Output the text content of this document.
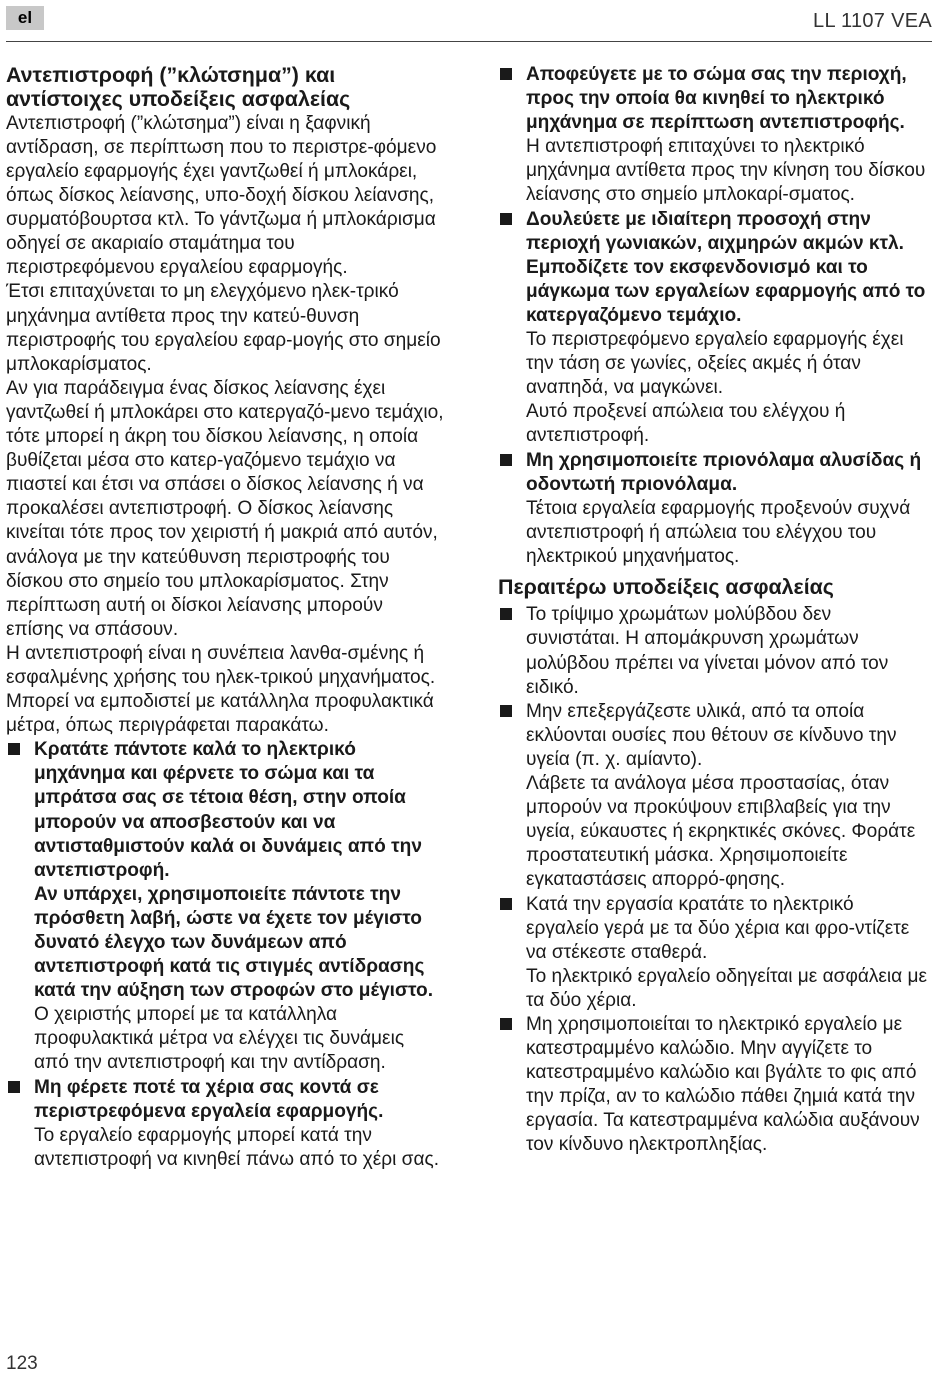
el	LL 1107 VEA
Αντεπιστροφή (”κλώτσημα”) και αντίστοιχες υποδείξεις ασφαλείας

Αντεπιστροφή (”κλώτσημα”) είναι η ξαφνική αντίδραση, σε περίπτωση που το περιστρε-φόμενο εργαλείο εφαρμογής έχει γαντζωθεί ή μπλοκάρει, όπως δίσκος λείανσης, υπο-δοχή δίσκου λείανσης, συρματόβουρτσα κτλ. Το γάντζωμα ή μπλοκάρισμα οδηγεί σε ακαριαίο σταμάτημα του περιστρεφόμενου εργαλείου εφαρμογής.

Έτσι επιταχύνεται το μη ελεγχόμενο ηλεκ-τρικό μηχάνημα αντίθετα προς την κατεύ-θυνση περιστροφής του εργαλείου εφαρ-μογής στο σημείο μπλοκαρίσματος.

Αν για παράδειγμα ένας δίσκος λείανσης έχει γαντζωθεί ή μπλοκάρει στο κατεργαζό-μενο τεμάχιο, τότε μπορεί η άκρη του δίσκου λείανσης, η οποία βυθίζεται μέσα στο κατερ-γαζόμενο τεμάχιο να πιαστεί και έτσι να σπάσει ο δίσκος λείανσης ή να προκαλέσει αντεπιστροφή. Ο δίσκος λείανσης κινείται τότε προς τον χειριστή ή μακριά από αυτόν, ανάλογα με την κατεύθυνση περιστροφής του δίσκου στο σημείο του μπλοκαρίσματος. Στην περίπτωση αυτή οι δίσκοι λείανσης μπορούν επίσης να σπάσουν.

Η αντεπιστροφή είναι η συνέπεια λανθα-σμένης ή εσφαλμένης χρήσης του ηλεκ-τρικού μηχανήματος. Μπορεί να εμποδιστεί με κατάλληλα προφυλακτικά μέτρα, όπως περιγράφεται παρακάτω.

Κρατάτε πάντοτε καλά το ηλεκτρικό μηχάνημα και φέρνετε το σώμα και τα μπράτσα σας σε τέτοια θέση, στην οποία μπορούν να αποσβεστούν και να αντισταθμιστούν καλά οι δυνάμεις από την αντεπιστροφή.

Αν υπάρχει, χρησιμοποιείτε πάντοτε την πρόσθετη λαβή, ώστε να έχετε τον μέγιστο δυνατό έλεγχο των δυνάμεων από αντεπιστροφή κατά τις στιγμές αντίδρασης κατά την αύξηση των στροφών στο μέγιστο.

Ο χειριστής μπορεί με τα κατάλληλα προφυλακτικά μέτρα να ελέγχει τις δυνάμεις από την αντεπιστροφή και την αντίδραση.

Μη φέρετε ποτέ τα χέρια σας κοντά σε περιστρεφόμενα εργαλεία εφαρμογής.

Το εργαλείο εφαρμογής μπορεί κατά την αντεπιστροφή να κινηθεί πάνω από το χέρι σας.

Αποφεύγετε με το σώμα σας την περιοχή, προς την οποία θα κινηθεί το ηλεκτρικό μηχάνημα σε περίπτωση αντεπιστροφής.

Η αντεπιστροφή επιταχύνει το ηλεκτρικό μηχάνημα αντίθετα προς την κίνηση του δίσκου λείανσης στο σημείο μπλοκαρί-σματος.

Δουλεύετε με ιδιαίτερη προσοχή στην περιοχή γωνιακών, αιχμηρών ακμών κτλ. Εμποδίζετε τον εκσφενδονισμό και το μάγκωμα των εργαλείων εφαρμογής από το κατεργαζόμενο τεμάχιο.

Το περιστρεφόμενο εργαλείο εφαρμογής έχει την τάση σε γωνίες, οξείες ακμές ή όταν αναπηδά, να μαγκώνει.

Αυτό προξενεί απώλεια του ελέγχου ή αντεπιστροφή.

Μη χρησιμοποιείτε πριονόλαμα αλυσίδας ή οδοντωτή πριονόλαμα.

Τέτοια εργαλεία εφαρμογής προξενούν συχνά αντεπιστροφή ή απώλεια του ελέγχου του ηλεκτρικού μηχανήματος.

Περαιτέρω υποδείξεις ασφαλείας

Το τρίψιμο χρωμάτων μολύβδου δεν συνιστάται. Η απομάκρυνση χρωμάτων μολύβδου πρέπει να γίνεται μόνον από τον ειδικό.

Μην επεξεργάζεστε υλικά, από τα οποία εκλύονται ουσίες που θέτουν σε κίνδυνο την υγεία (π. χ. αμίαντο).

Λάβετε τα ανάλογα μέσα προστασίας, όταν μπορούν να προκύψουν επιβλαβείς για την υγεία, εύκαυστες ή εκρηκτικές σκόνες. Φοράτε προστατευτική μάσκα. Χρησιμοποιείτε εγκαταστάσεις απορρό-φησης.

Κατά την εργασία κρατάτε το ηλεκτρικό εργαλείο γερά με τα δύο χέρια και φρο-ντίζετε να στέκεστε σταθερά.

Το ηλεκτρικό εργαλείο οδηγείται με ασφάλεια με τα δύο χέρια.

Μη χρησιμοποιείται το ηλεκτρικό εργαλείο με κατεστραμμένο καλώδιο. Μην αγγίζετε το κατεστραμμένο καλώδιο και βγάλτε το φις από την πρίζα, αν το καλώδιο πάθει ζημιά κατά την εργασία. Τα κατεστραμμένα καλώδια αυξάνουν τον κίνδυνο ηλεκτροπληξίας.

123
